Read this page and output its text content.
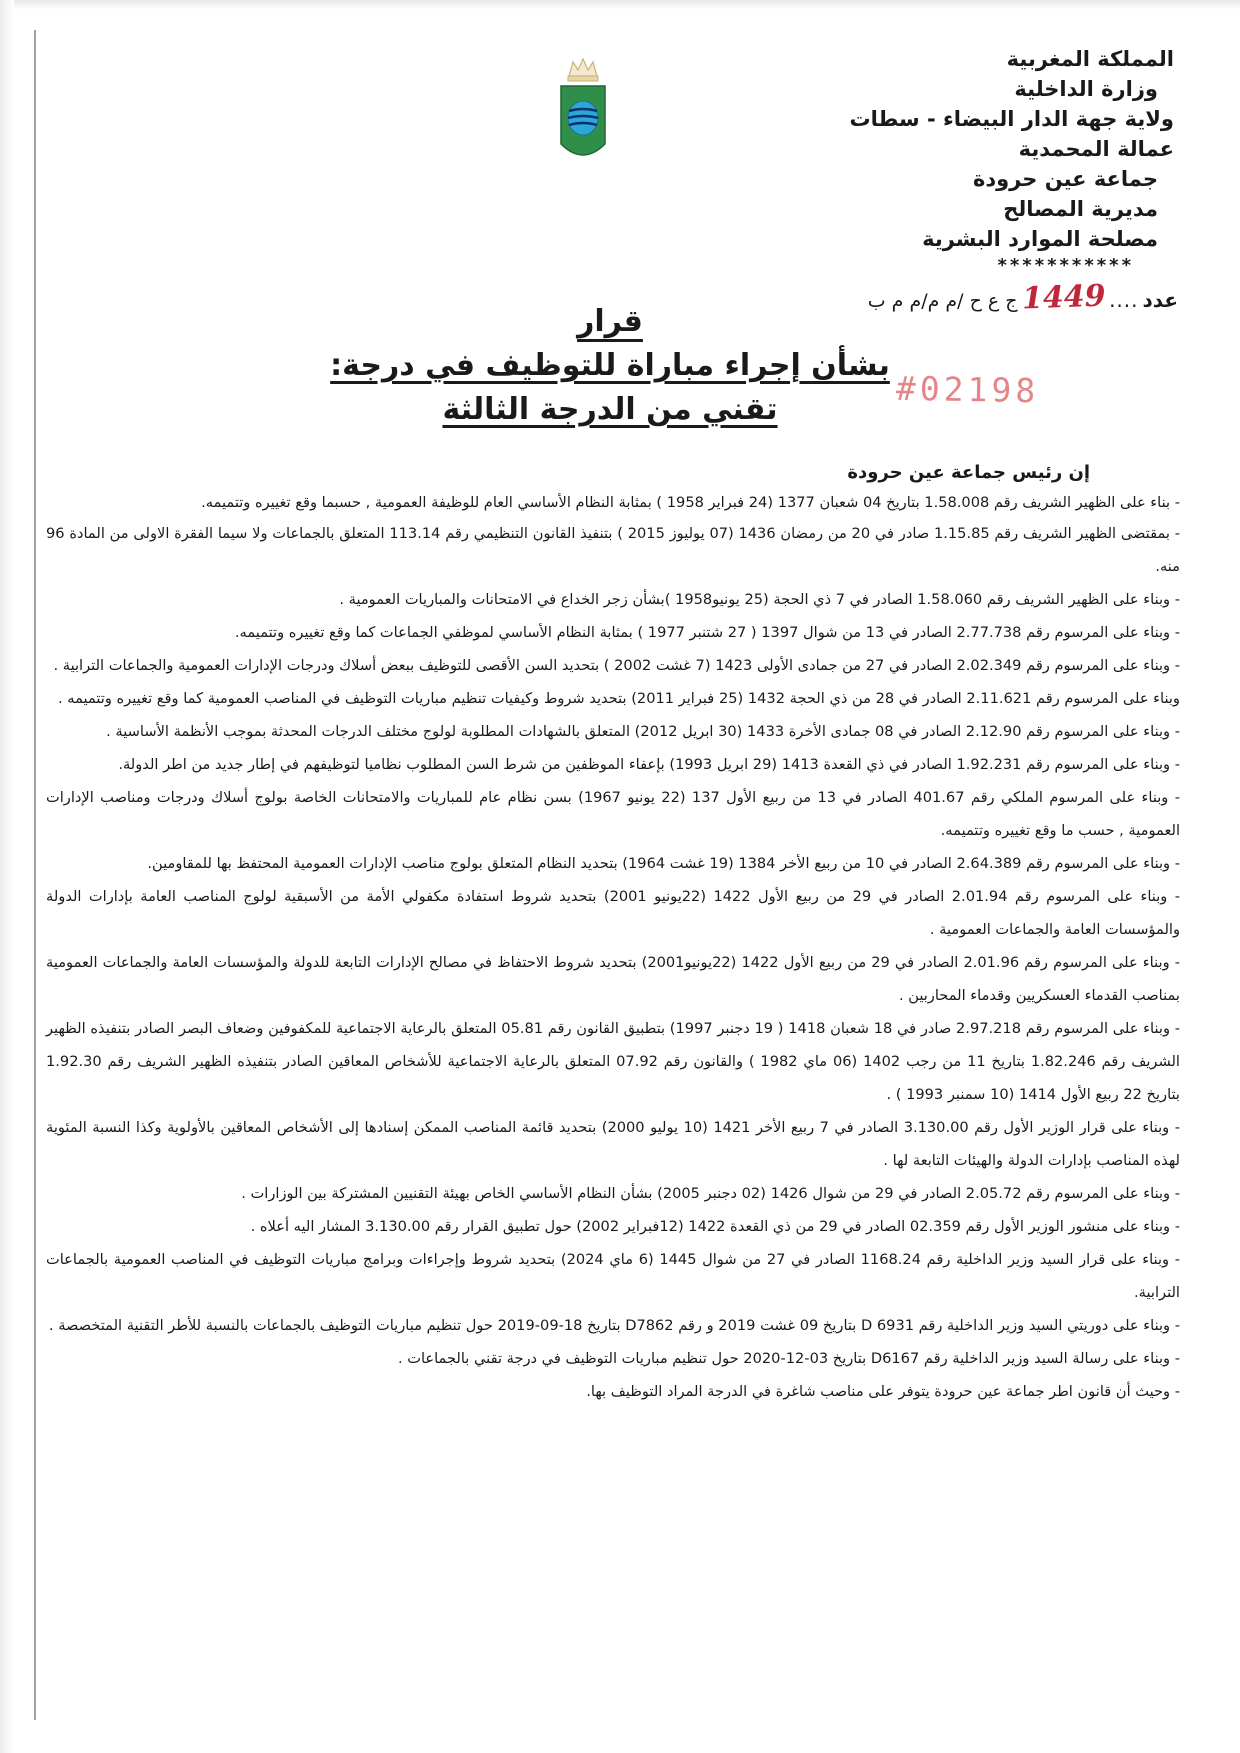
المملكة المغربية
وزارة الداخلية
ولاية جهة الدار البيضاء - سطات
عمالة المحمدية
جماعة عين حرودة
مديرية المصالح
مصلحة الموارد البشرية
***********
عدد
....
1449
ج ع ح /م م/م م ب
قرار
بشأن إجراء مباراة للتوظيف في درجة:
تقني من الدرجة الثالثة	#02198
إن رئيس جماعة عين حرودة

- بناء على الظهير الشريف رقم 1.58.008 بتاريخ 04 شعبان 1377 (24 فبراير 1958 ) بمثابة النظام الأساسي العام للوظيفة العمومية , حسبما وقع تغييره وتتميمه.

- بمقتضى الظهير الشريف رقم 1.15.85 صادر في 20 من رمضان 1436 (07 يوليوز 2015 ) بتنفيذ القانون التنظيمي رقم 113.14 المتعلق بالجماعات ولا سيما الفقرة الاولى من المادة 96 منه.

- وبناء على الظهير الشريف رقم 1.58.060 الصادر في 7 ذي الحجة (25 يونيو1958 )بشأن زجر الخداع في الامتحانات والمباريات العمومية .

- وبناء على المرسوم رقم 2.77.738 الصادر في 13 من شوال 1397 ( 27 شتنبر 1977 ) بمثابة النظام الأساسي لموظفي الجماعات كما وقع تغييره وتتميمه.

- وبناء على المرسوم رقم 2.02.349 الصادر في 27 من جمادى الأولى 1423 (7 غشت 2002 ) بتحديد السن الأقصى للتوظيف ببعض أسلاك ودرجات الإدارات العمومية والجماعات الترابية .

وبناء على المرسوم رقم 2.11.621 الصادر في 28 من ذي الحجة 1432 (25 فبراير 2011) بتحديد شروط وكيفيات تنظيم مباريات التوظيف في المناصب العمومية كما وقع تغييره وتتميمه .

- وبناء على المرسوم رقم 2.12.90 الصادر في 08 جمادى الأخرة 1433 (30 ابريل 2012) المتعلق بالشهادات المطلوبة لولوج مختلف الدرجات المحدثة بموجب الأنظمة الأساسية .

- وبناء على المرسوم رقم 1.92.231 الصادر في ذي القعدة 1413 (29 ابريل 1993) بإعفاء الموظفين من شرط السن المطلوب نظاميا لتوظيفهم في إطار جديد من اطر الدولة.

- وبناء على المرسوم الملكي رقم 401.67 الصادر في 13 من ربيع الأول 137 (22 يونيو 1967) بسن نظام عام للمباريات والامتحانات الخاصة بولوج أسلاك ودرجات ومناصب الإدارات العمومية , حسب ما وقع تغييره وتتميمه.

- وبناء على المرسوم رقم 2.64.389 الصادر في 10 من ربيع الأخر 1384 (19 غشت 1964) بتحديد النظام المتعلق بولوج مناصب الإدارات العمومية المحتفظ بها للمقاومين.

- وبناء على المرسوم رقم 2.01.94 الصادر في 29 من ربيع الأول 1422 (22يونيو 2001) بتحديد شروط استفادة مكفولي الأمة من الأسبقية لولوج المناصب العامة بإدارات الدولة والمؤسسات العامة والجماعات العمومية .

- وبناء على المرسوم رقم 2.01.96 الصادر في 29 من ربيع الأول 1422 (22يونيو2001) بتحديد شروط الاحتفاظ في مصالح الإدارات التابعة للدولة والمؤسسات العامة والجماعات العمومية بمناصب القدماء العسكريين وقدماء المحاربين .

- وبناء على المرسوم رقم 2.97.218 صادر في 18 شعبان 1418 ( 19 دجنبر 1997) بتطبيق القانون رقم 05.81 المتعلق بالرعاية الاجتماعية للمكفوفين وضعاف البصر الصادر بتنفيذه الظهير الشريف رقم 1.82.246 بتاريخ 11 من رجب 1402 (06 ماي 1982 ) والقانون رقم 07.92 المتعلق بالرعاية الاجتماعية للأشخاص المعاقين الصادر بتنفيذه الظهير الشريف رقم 1.92.30 بتاريخ 22 ربيع الأول 1414 (10 سمنبر 1993 ) .

- وبناء على قرار الوزير الأول رقم 3.130.00 الصادر في 7 ربيع الأخر 1421 (10 يوليو 2000) بتحديد قائمة المناصب الممكن إسنادها إلى الأشخاص المعاقين بالأولوية وكذا النسبة المئوية لهذه المناصب بإدارات الدولة والهيئات التابعة لها .

- وبناء على المرسوم رقم 2.05.72 الصادر في 29 من شوال 1426 (02 دجنبر 2005) بشأن النظام الأساسي الخاص بهيئة التقنيين المشتركة بين الوزارات .

- وبناء على منشور الوزير الأول رقم 02.359 الصادر في 29 من ذي القعدة 1422 (12فبراير 2002) حول تطبيق القرار رقم 3.130.00 المشار اليه أعلاه .

- وبناء على قرار السيد وزير الداخلية رقم 1168.24 الصادر في 27 من شوال 1445 (6 ماي 2024) بتحديد شروط وإجراءات وبرامج مباريات التوظيف في المناصب العمومية بالجماعات الترابية.

- وبناء على دوريتي السيد وزير الداخلية رقم D 6931 بتاريخ 09 غشت 2019 و رقم D7862 بتاريخ 18-09-2019 حول تنظيم مباريات التوظيف بالجماعات بالنسبة للأطر التقنية المتخصصة .

- وبناء على رسالة السيد وزير الداخلية رقم D6167 بتاريخ 03-12-2020 حول تنظيم مباريات التوظيف في درجة تقني بالجماعات .

- وحيث أن قانون اطر جماعة عين حرودة يتوفر على مناصب شاغرة في الدرجة المراد التوظيف بها.
